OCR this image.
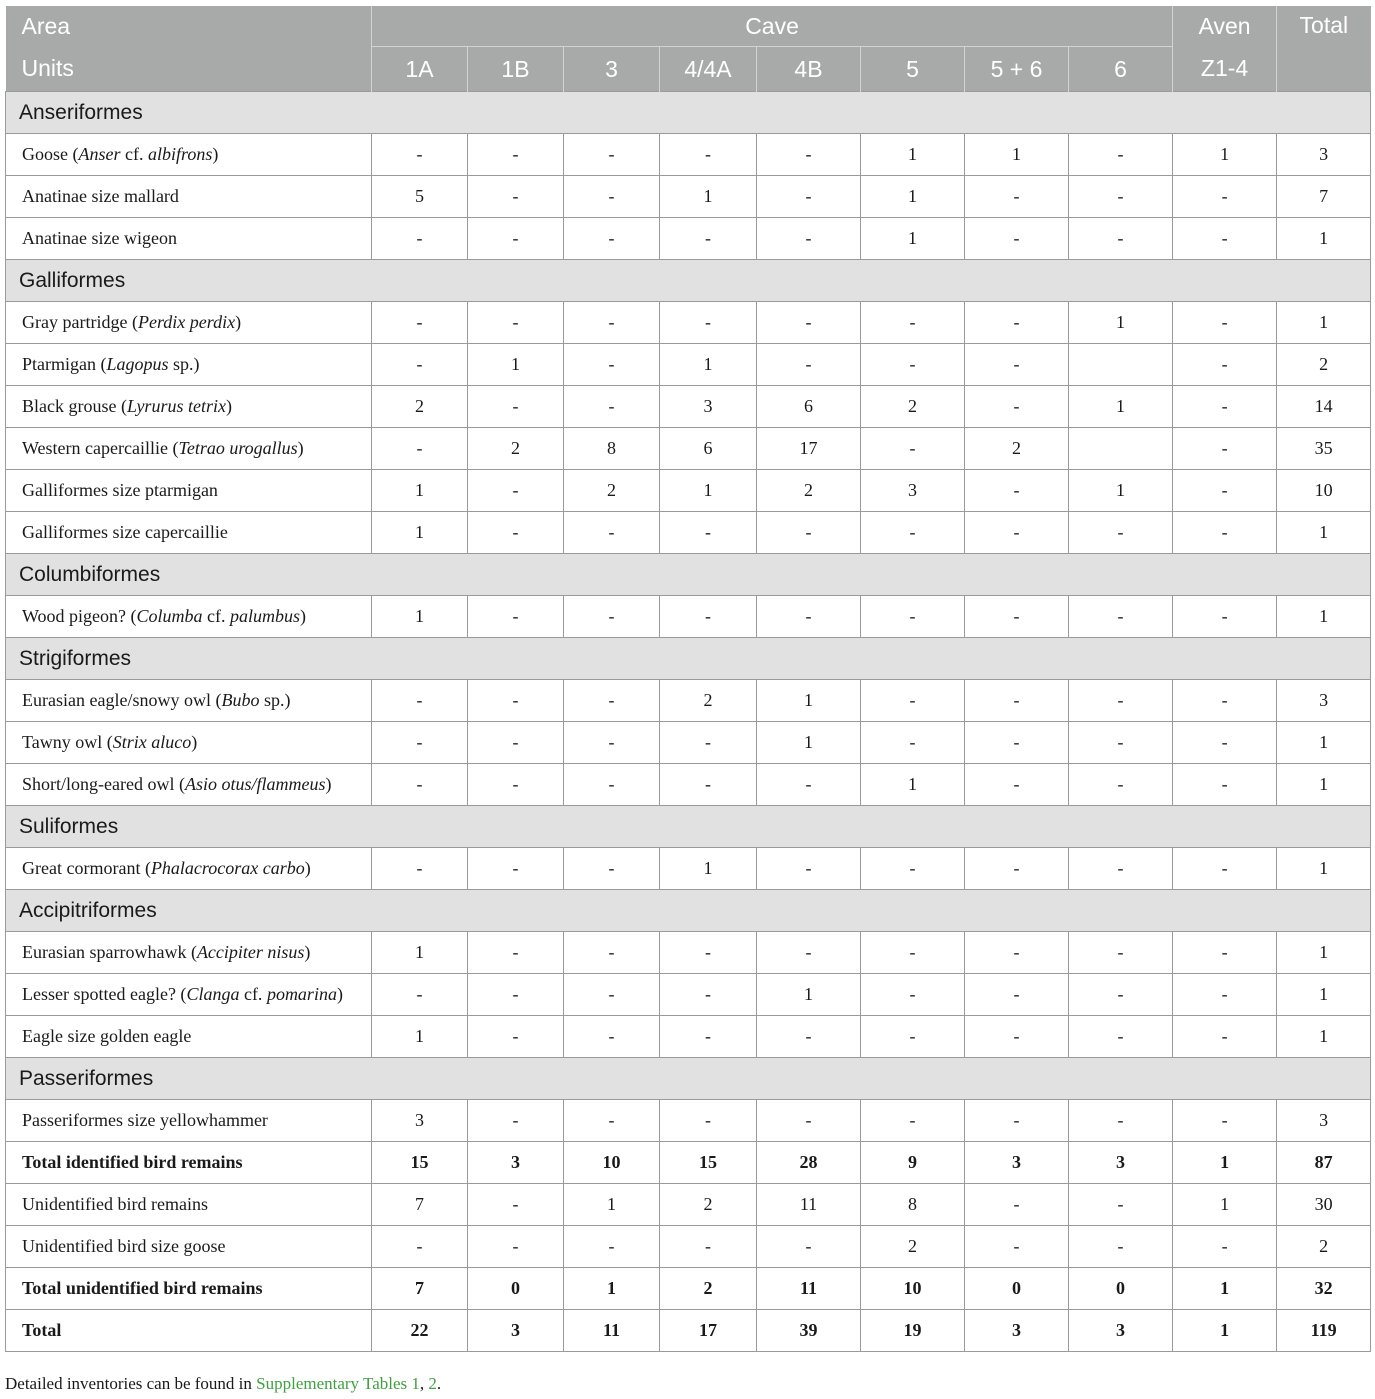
Area	Cave								Aven	Total
Units	1A	1B	3	4/4A	4B	5	5 + 6	6	Z1-4	
Anseriformes										
Goose (Anser cf. albifrons)	-	-	-	-	-	1	1	-	1	3
Anatinae size mallard	5	-	-	1	-	1	-	-	-	7
Anatinae size wigeon	-	-	-	-	-	1	-	-	-	1
Galliformes										
Gray partridge (Perdix perdix)	-	-	-	-	-	-	-	1	-	1
Ptarmigan (Lagopus sp.)	-	1	-	1	-	-	-		-	2
Black grouse (Lyrurus tetrix)	2	-	-	3	6	2	-	1	-	14
Western capercaillie (Tetrao urogallus)	-	2	8	6	17	-	2		-	35
Galliformes size ptarmigan	1	-	2	1	2	3	-	1	-	10
Galliformes size capercaillie	1	-	-	-	-	-	-	-	-	1
Columbiformes										
Wood pigeon? (Columba cf. palumbus)	1	-	-	-	-	-	-	-	-	1
Strigiformes										
Eurasian eagle/snowy owl (Bubo sp.)	-	-	-	2	1	-	-	-	-	3
Tawny owl (Strix aluco)	-	-	-	-	1	-	-	-	-	1
Short/long-eared owl (Asio otus/flammeus)	-	-	-	-	-	1	-	-	-	1
Suliformes										
Great cormorant (Phalacrocorax carbo)	-	-	-	1	-	-	-	-	-	1
Accipitriformes										
Eurasian sparrowhawk (Accipiter nisus)	1	-	-	-	-	-	-	-	-	1
Lesser spotted eagle? (Clanga cf. pomarina)	-	-	-	-	1	-	-	-	-	1
Eagle size golden eagle	1	-	-	-	-	-	-	-	-	1
Passeriformes										
Passeriformes size yellowhammer	3	-	-	-	-	-	-	-	-	3
Total identified bird remains	15	3	10	15	28	9	3	3	1	87
Unidentified bird remains	7	-	1	2	11	8	-	-	1	30
Unidentified bird size goose	-	-	-	-	-	2	-	-	-	2
Total unidentified bird remains	7	0	1	2	11	10	0	0	1	32
Total	22	3	11	17	39	19	3	3	1	119
Detailed inventories can be found in Supplementary Tables 1, 2.
